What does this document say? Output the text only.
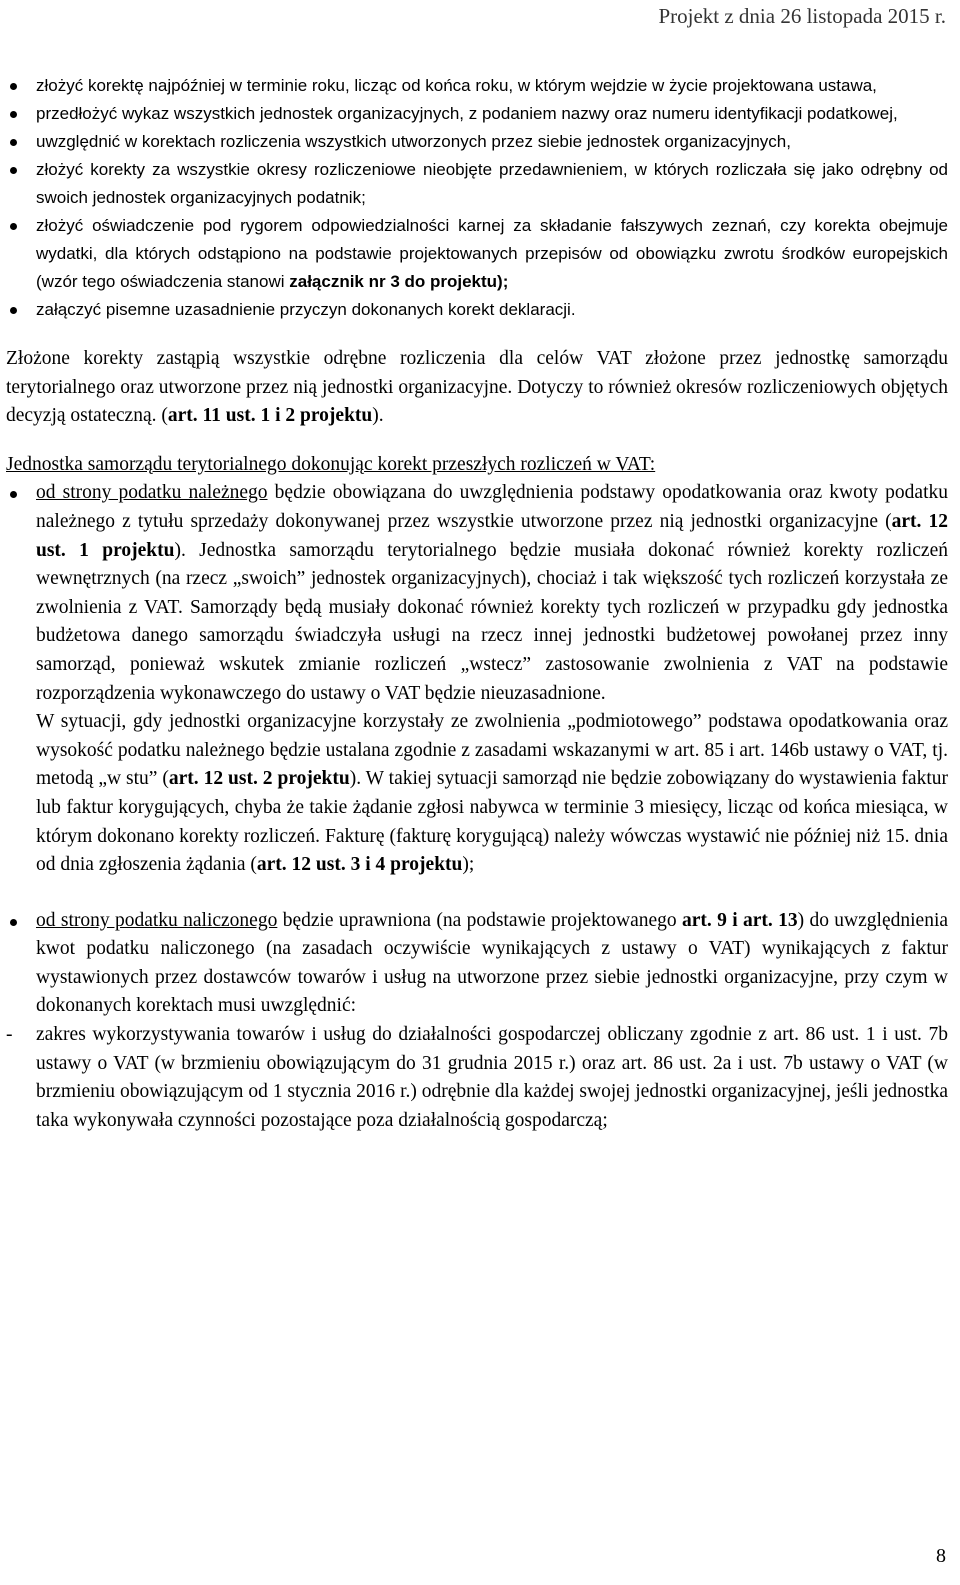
Projekt z dnia 26 listopada 2015 r.
złożyć korektę najpóźniej w terminie roku, licząc od końca roku, w którym wejdzie w życie projektowana ustawa,
przedłożyć wykaz wszystkich jednostek organizacyjnych, z podaniem nazwy oraz numeru identyfikacji podatkowej,
uwzględnić w korektach rozliczenia wszystkich utworzonych przez siebie jednostek organizacyjnych,
złożyć korekty za wszystkie okresy rozliczeniowe nieobjęte przedawnieniem, w których rozliczała się jako odrębny od swoich jednostek organizacyjnych podatnik;
złożyć oświadczenie pod rygorem odpowiedzialności karnej za składanie fałszywych zeznań, czy korekta obejmuje wydatki, dla których odstąpiono na podstawie projektowanych przepisów od obowiązku zwrotu środków europejskich (wzór tego oświadczenia stanowi załącznik nr 3 do projektu);
załączyć pisemne uzasadnienie przyczyn dokonanych korekt deklaracji.

Złożone korekty zastąpią wszystkie odrębne rozliczenia dla celów VAT złożone przez jednostkę samorządu terytorialnego oraz utworzone przez nią jednostki organizacyjne. Dotyczy to również okresów rozliczeniowych objętych decyzją ostateczną. (art. 11 ust. 1 i 2 projektu).

Jednostka samorządu terytorialnego dokonując korekt przeszłych rozliczeń w VAT:

od strony podatku należnego będzie obowiązana do uwzględnienia podstawy opodatkowania oraz kwoty podatku należnego z tytułu sprzedaży dokonywanej przez wszystkie utworzone przez nią jednostki organizacyjne (art. 12 ust. 1 projektu). Jednostka samorządu terytorialnego będzie musiała dokonać również korekty rozliczeń wewnętrznych (na rzecz „swoich” jednostek organizacyjnych), chociaż i tak większość tych rozliczeń korzystała ze zwolnienia z VAT. Samorządy będą musiały dokonać również korekty tych rozliczeń w przypadku gdy jednostka budżetowa danego samorządu świadczyła usługi na rzecz innej jednostki budżetowej powołanej przez inny samorząd, ponieważ wskutek zmianie rozliczeń „wstecz” zastosowanie zwolnienia z VAT na podstawie rozporządzenia wykonawczego do ustawy o VAT będzie nieuzasadnione.
W sytuacji, gdy jednostki organizacyjne korzystały ze zwolnienia „podmiotowego” podstawa opodatkowania oraz wysokość podatku należnego będzie ustalana zgodnie z zasadami wskazanymi w art. 85 i art. 146b ustawy o VAT, tj. metodą „w stu” (art. 12 ust. 2 projektu). W takiej sytuacji samorząd nie będzie zobowiązany do wystawienia faktur lub faktur korygujących, chyba że takie żądanie zgłosi nabywca w terminie 3 miesięcy, licząc od końca miesiąca, w którym dokonano korekty rozliczeń. Fakturę (fakturę korygującą) należy wówczas wystawić nie później niż 15. dnia od dnia zgłoszenia żądania (art. 12 ust. 3 i 4 projektu);
od strony podatku naliczonego będzie uprawniona (na podstawie projektowanego art. 9 i art. 13) do uwzględnienia kwot podatku naliczonego (na zasadach oczywiście wynikających z ustawy o VAT) wynikających z faktur wystawionych przez dostawców towarów i usług na utworzone przez siebie jednostki organizacyjne, przy czym w dokonanych korektach musi uwzględnić:
- zakres wykorzystywania towarów i usług do działalności gospodarczej obliczany zgodnie z art. 86 ust. 1 i ust. 7b ustawy o VAT (w brzmieniu obowiązującym do 31 grudnia 2015 r.) oraz art. 86 ust. 2a i ust. 7b ustawy o VAT (w brzmieniu obowiązującym od 1 stycznia 2016 r.) odrębnie dla każdej swojej jednostki organizacyjnej, jeśli jednostka taka wykonywała czynności pozostające poza działalnością gospodarczą;
8
